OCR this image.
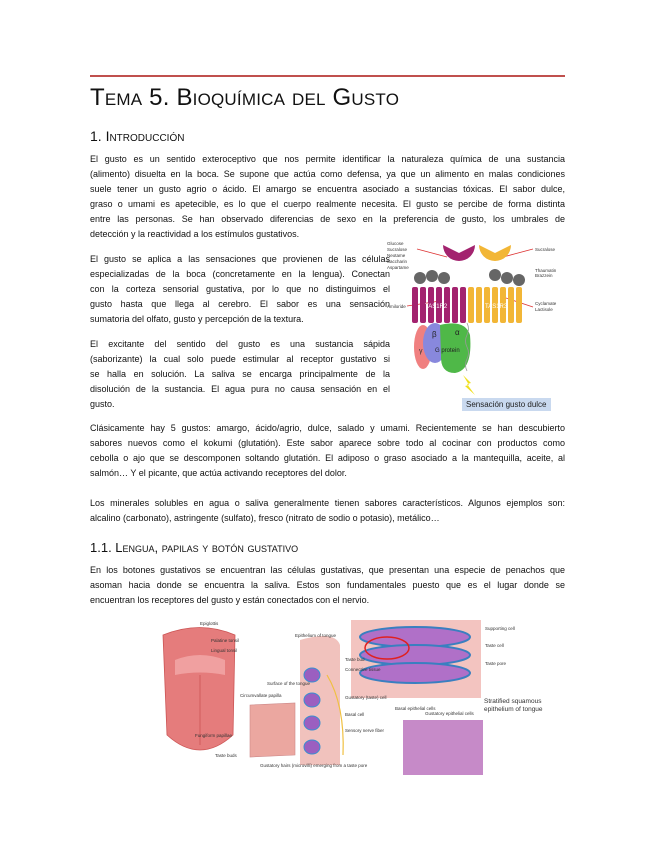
Tema 5. Bioquímica del Gusto
1. Introducción
El gusto es un sentido exteroceptivo que nos permite identificar la naturaleza química de una sustancia
(alimento) disuelta en la boca. Se supone que actúa como defensa, ya que un alimento en malas condiciones
suele tener un gusto agrio o ácido. El amargo se encuentra asociado a sustancias tóxicas. El sabor dulce,
graso o umami es apetecible, es lo que el cuerpo realmente necesita. El gusto se percibe de forma distinta
entre las personas. Se han observado diferencias de sexo en la preferencia de gusto, los umbrales de
detección y la reactividad a los estímulos gustativos.
El gusto se aplica a las sensaciones que provienen de las células
especializadas de la boca (concretamente en la lengua). Conectan
con la corteza sensorial gustativa, por lo que no distinguimos el
gusto hasta que llega al cerebro. El sabor es una sensación
sumatoria del olfato, gusto y percepción de la textura.
El excitante del sentido del gusto es una sustancia sápida
(saborizante) la cual solo puede estimular al receptor gustativo si
se halla en solución. La saliva se encarga principalmente de la
disolución de la sustancia. El agua pura no causa sensación en el
gusto.
Glucose
Sucralose
Neotame
Saccharin
Aspartame
Sucralose
Thaumatin
Brazzein
Amiloride
Cyclamate
Lactisole
TAS1R2	TAS1R3
γ
β α
G protein
Sensación gusto dulce
Clásicamente hay 5 gustos: amargo, ácido/agrio, dulce, salado y umami. Recientemente se han descubierto
sabores nuevos como el kokumi (glutatión). Este sabor aparece sobre todo al cocinar con productos como
cebolla o ajo que se descomponen soltando glutatión. El adiposo o graso asociado a la mantequilla, aceite, al
salmón… Y el picante, que actúa activando receptores del dolor.
Los minerales solubles en agua o saliva generalmente tienen sabores característicos. Algunos ejemplos son:
alcalino (carbonato), astringente (sulfato), fresco (nitrato de sodio o potasio), metálico…
1.1. Lengua, papilas y botón gustativo
En los botones gustativos se encuentran las células gustativas, que presentan una especie de penachos que
asoman hacia donde se encuentra la saliva. Estos son fundamentales puesto que es el lugar donde se
encuentran los receptores del gusto y están conectados con el nervio.
Epiglottis
Palatine tonsil
Lingual tonsil
Circumvallate papilla
Fungiform papillae
Taste buds
Surface of the tongue
Epithelium of tongue
Taste bud
Connective tissue
Gustatory (taste) cell
Basal cell
Sensory nerve fiber
Gustatory hairs (microvilli) emerging from a taste pore
Supporting cell
Taste cell
Taste pore
Basal epithelial cells
Gustatory epithelial cells
Stratified squamous epithelium of tongue
